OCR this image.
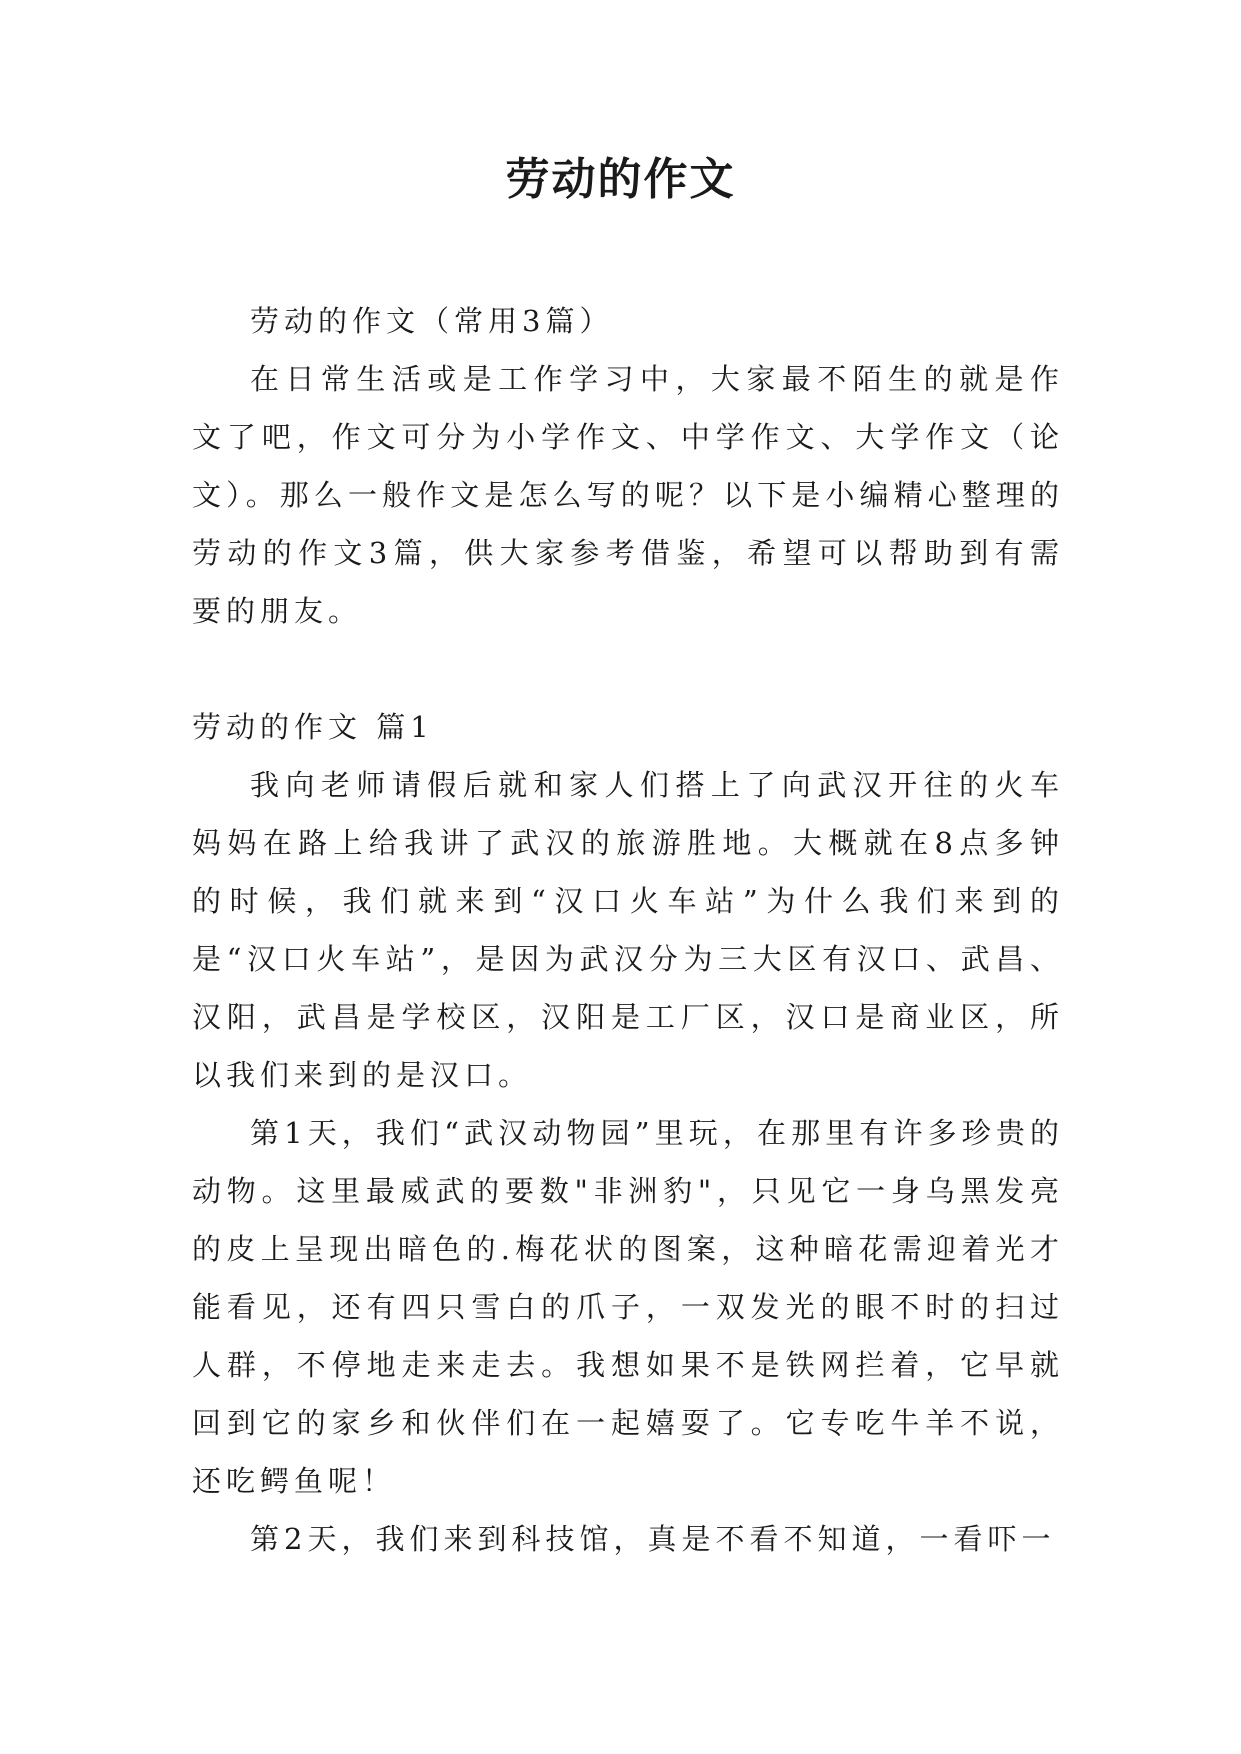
劳动的作文

劳动的作文（常用3篇）

在日常生活或是工作学习中，大家最不陌生的就是作文了吧，作文可分为小学作文、中学作文、大学作文（论文）。那么一般作文是怎么写的呢？以下是小编精心整理的劳动的作文3篇，供大家参考借鉴，希望可以帮助到有需要的朋友。

劳动的作文 篇1

我向老师请假后就和家人们搭上了向武汉开往的火车妈妈在路上给我讲了武汉的旅游胜地。大概就在8点多钟的时候，我们就来到“汉口火车站”为什么我们来到的是“汉口火车站”，是因为武汉分为三大区有汉口、武昌、汉阳，武昌是学校区，汉阳是工厂区，汉口是商业区，所以我们来到的是汉口。

第1天，我们“武汉动物园”里玩，在那里有许多珍贵的动物。这里最威武的要数"非洲豹"，只见它一身乌黑发亮的皮上呈现出暗色的.梅花状的图案，这种暗花需迎着光才能看见，还有四只雪白的爪子，一双发光的眼不时的扫过人群，不停地走来走去。我想如果不是铁网拦着，它早就回到它的家乡和伙伴们在一起嬉耍了。它专吃牛羊不说，还吃鳄鱼呢！

第2天，我们来到科技馆，真是不看不知道，一看吓一
